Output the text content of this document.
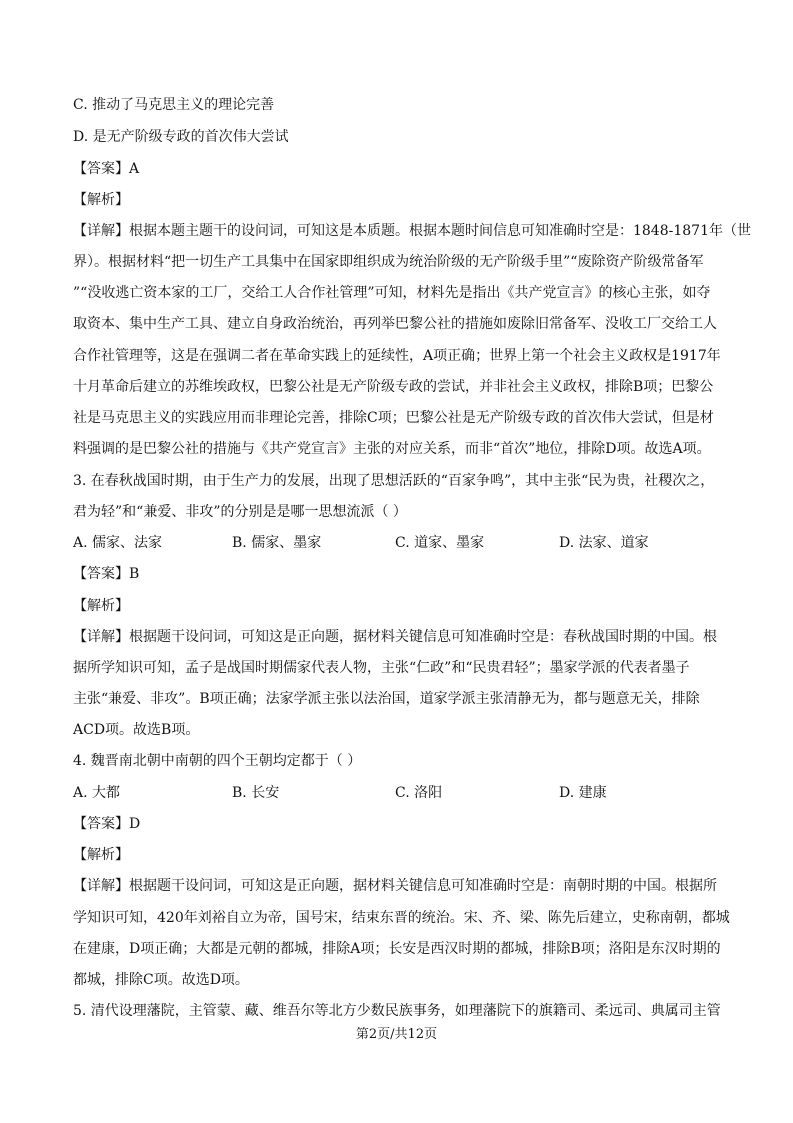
C. 推动了马克思主义的理论完善
D. 是无产阶级专政的首次伟大尝试
【答案】A
【解析】
【详解】根据本题主题干的设问词，可知这是本质题。根据本题时间信息可知准确时空是：1848-1871年（世
界）。根据材料“把一切生产工具集中在国家即组织成为统治阶级的无产阶级手里”“废除资产阶级常备军
”“没收逃亡资本家的工厂，交给工人合作社管理”可知，材料先是指出《共产党宣言》的核心主张，如夺
取资本、集中生产工具、建立自身政治统治，再列举巴黎公社的措施如废除旧常备军、没收工厂交给工人
合作社管理等，这是在强调二者在革命实践上的延续性，A项正确；世界上第一个社会主义政权是1917年
十月革命后建立的苏维埃政权，巴黎公社是无产阶级专政的尝试，并非社会主义政权，排除B项；巴黎公
社是马克思主义的实践应用而非理论完善，排除C项；巴黎公社是无产阶级专政的首次伟大尝试，但是材
料强调的是巴黎公社的措施与《共产党宣言》主张的对应关系，而非“首次”地位，排除D项。故选A项。
3. 在春秋战国时期，由于生产力的发展，出现了思想活跃的“百家争鸣”，其中主张“民为贵，社稷次之，
君为轻”和“兼爱、非攻”的分别是是哪一思想流派（ ）
A. 儒家、法家	B. 儒家、墨家	C. 道家、墨家	D. 法家、道家
【答案】B
【解析】
【详解】根据题干设问词，可知这是正向题，据材料关键信息可知准确时空是：春秋战国时期的中国。根
据所学知识可知，孟子是战国时期儒家代表人物，主张“仁政”和“民贵君轻”；墨家学派的代表者墨子
主张“兼爱、非攻”。B项正确；法家学派主张以法治国，道家学派主张清静无为，都与题意无关，排除
ACD项。故选B项。
4. 魏晋南北朝中南朝的四个王朝均定都于（ ）
A. 大都	B. 长安	C. 洛阳	D. 建康
【答案】D
【解析】
【详解】根据题干设问词，可知这是正向题，据材料关键信息可知准确时空是：南朝时期的中国。根据所
学知识可知，420年刘裕自立为帝，国号宋，结束东晋的统治。宋、齐、梁、陈先后建立，史称南朝，都城
在建康，D项正确；大都是元朝的都城，排除A项；长安是西汉时期的都城，排除B项；洛阳是东汉时期的
都城，排除C项。故选D项。
5. 清代设理藩院，主管蒙、藏、维吾尔等北方少数民族事务，如理藩院下的旗籍司、柔远司、典属司主管
第2页/共12页
